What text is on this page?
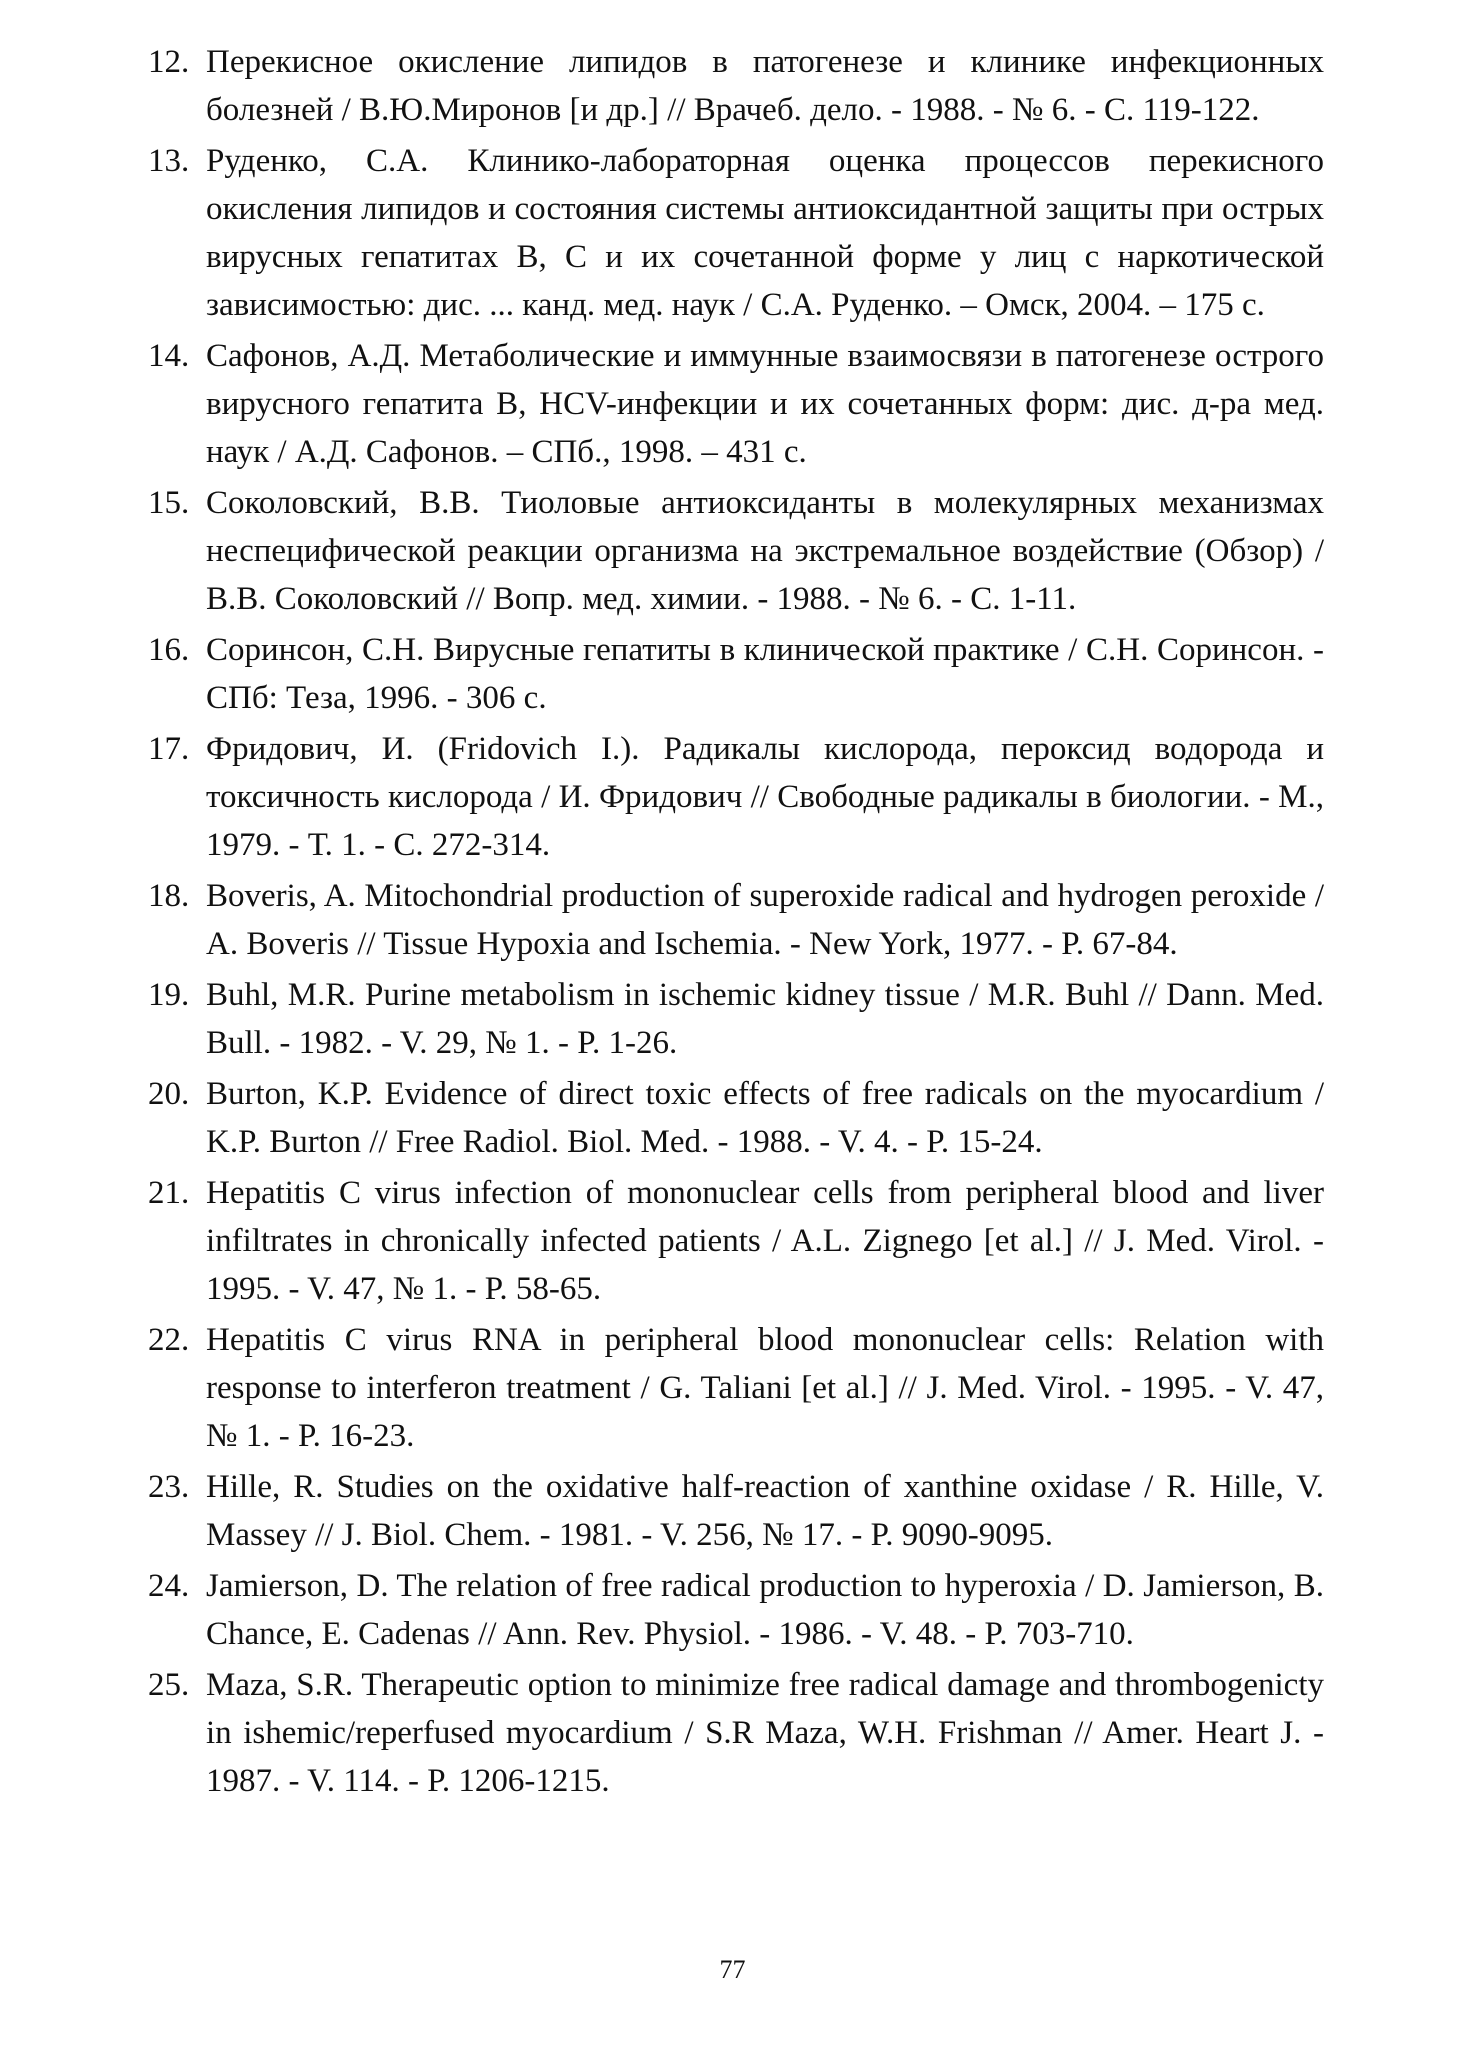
12. Перекисное окисление липидов в патогенезе и клинике инфекционных болезней / В.Ю.Миронов [и др.] // Врачеб. дело. - 1988. - № 6. - С. 119-122.
13. Руденко, С.А. Клинико-лабораторная оценка процессов перекисного окисления липидов и состояния системы антиоксидантной защиты при острых вирусных гепатитах В, С и их сочетанной форме у лиц с наркотической зависимостью: дис. ... канд. мед. наук / С.А. Руденко. – Омск, 2004. – 175 с.
14. Сафонов, А.Д. Метаболические и иммунные взаимосвязи в патогенезе острого вирусного гепатита В, HCV-инфекции и их сочетанных форм: дис. д-ра мед. наук / А.Д. Сафонов. – СПб., 1998. – 431 с.
15. Соколовский, В.В. Тиоловые антиоксиданты в молекулярных механизмах неспецифической реакции организма на экстремальное воздействие (Обзор) / В.В. Соколовский // Вопр. мед. химии. - 1988. - № 6. - С. 1-11.
16. Соринсон, С.Н. Вирусные гепатиты в клинической практике / С.Н. Соринсон. - СПб: Теза, 1996. - 306 с.
17. Фридович, И. (Fridovich I.). Радикалы кислорода, пероксид водорода и токсичность кислорода / И. Фридович // Свободные радикалы в биологии. - М., 1979. - Т. 1. - С. 272-314.
18. Boveris, A. Mitochondrial production of superoxide radical and hydrogen peroxide / A. Boveris // Tissue Hypoxia and Ischemia. - New York, 1977. - P. 67-84.
19. Buhl, M.R. Purine metabolism in ischemic kidney tissue / M.R. Buhl // Dann. Med. Bull. - 1982. - V. 29, № 1. - P. 1-26.
20. Burton, K.P. Evidence of direct toxic effects of free radicals on the myocardium / K.P. Burton // Free Radiol. Biol. Med. - 1988. - V. 4. - P. 15-24.
21. Hepatitis C virus infection of mononuclear cells from peripheral blood and liver infiltrates in chronically infected patients / A.L. Zignego [et al.] // J. Med. Virol. - 1995. - V. 47, № 1. - P. 58-65.
22. Hepatitis C virus RNA in peripheral blood mononuclear cells: Relation with response to interferon treatment / G. Taliani [et al.] // J. Med. Virol. - 1995. - V. 47, № 1. - P. 16-23.
23. Hille, R. Studies on the oxidative half-reaction of xanthine oxidase / R. Hille, V. Massey // J. Biol. Chem. - 1981. - V. 256, № 17. - P. 9090-9095.
24. Jamierson, D. The relation of free radical production to hyperoxia / D. Jamierson, B. Chance, E. Cadenas // Ann. Rev. Physiol. - 1986. - V. 48. - P. 703-710.
25. Maza, S.R. Therapeutic option to minimize free radical damage and thrombogenicty in ishemic/reperfused myocardium / S.R Maza, W.H. Frishman // Amer. Heart J. - 1987. - V. 114. - P. 1206-1215.
77
